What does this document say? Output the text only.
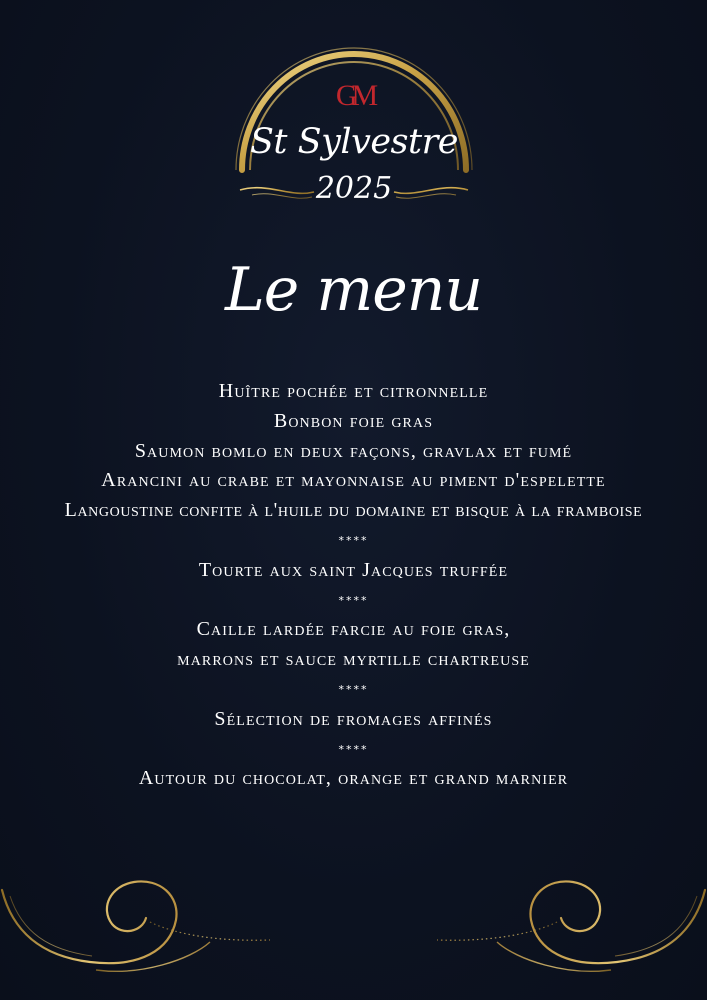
GM
St Sylvestre
2025
Le menu
Huître pochée et citronnelle
Bonbon foie gras
Saumon bomlo en deux façons, gravlax et fumé
Arancini au crabe et mayonnaise au piment d'espelette
Langoustine confite à l'huile du domaine et bisque à la framboise
****
Tourte aux saint Jacques truffée
****
Caille lardée farcie au foie gras,
marrons et sauce myrtille chartreuse
****
Sélection de fromages affinés
****
Autour du chocolat, orange et grand marnier
